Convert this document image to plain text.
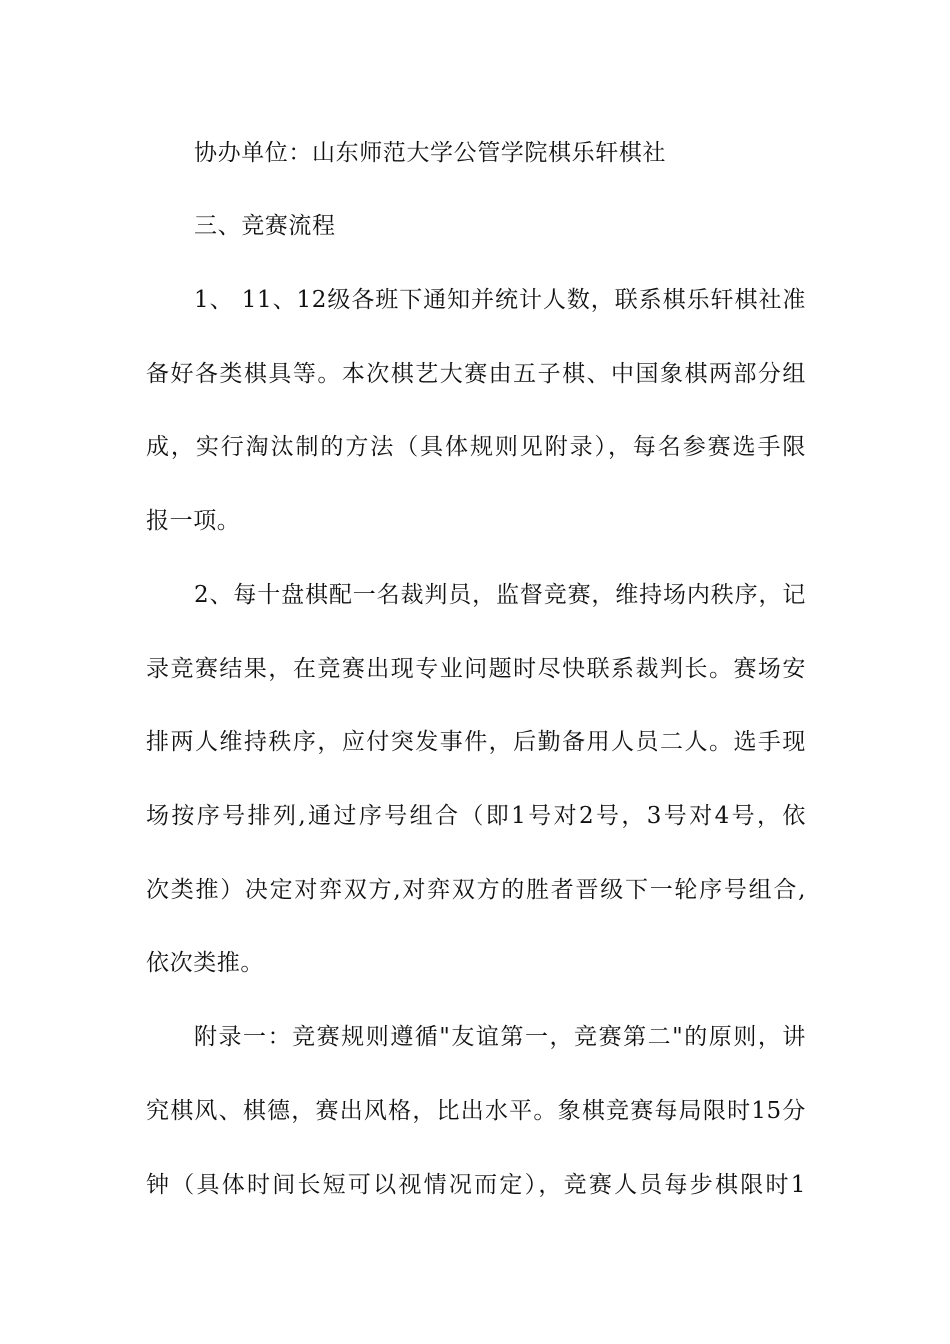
协办单位：山东师范大学公管学院棋乐轩棋社
三、竞赛流程
1、 11、12级各班下通知并统计人数，联系棋乐轩棋社准
备好各类棋具等。本次棋艺大赛由五子棋、中国象棋两部分组
成，实行淘汰制的方法（具体规则见附录），每名参赛选手限
报一项。
2、每十盘棋配一名裁判员，监督竞赛，维持场内秩序，记
录竞赛结果，在竞赛出现专业问题时尽快联系裁判长。赛场安
排两人维持秩序，应付突发事件，后勤备用人员二人。选手现
场按序号排列,通过序号组合（即1号对2号，3号对4号，依
次类推）决定对弈双方,对弈双方的胜者晋级下一轮序号组合,
依次类推。
附录一：竞赛规则遵循"友谊第一，竞赛第二"的原则，讲
究棋风、棋德，赛出风格，比出水平。象棋竞赛每局限时15分
钟（具体时间长短可以视情况而定），竞赛人员每步棋限时1
